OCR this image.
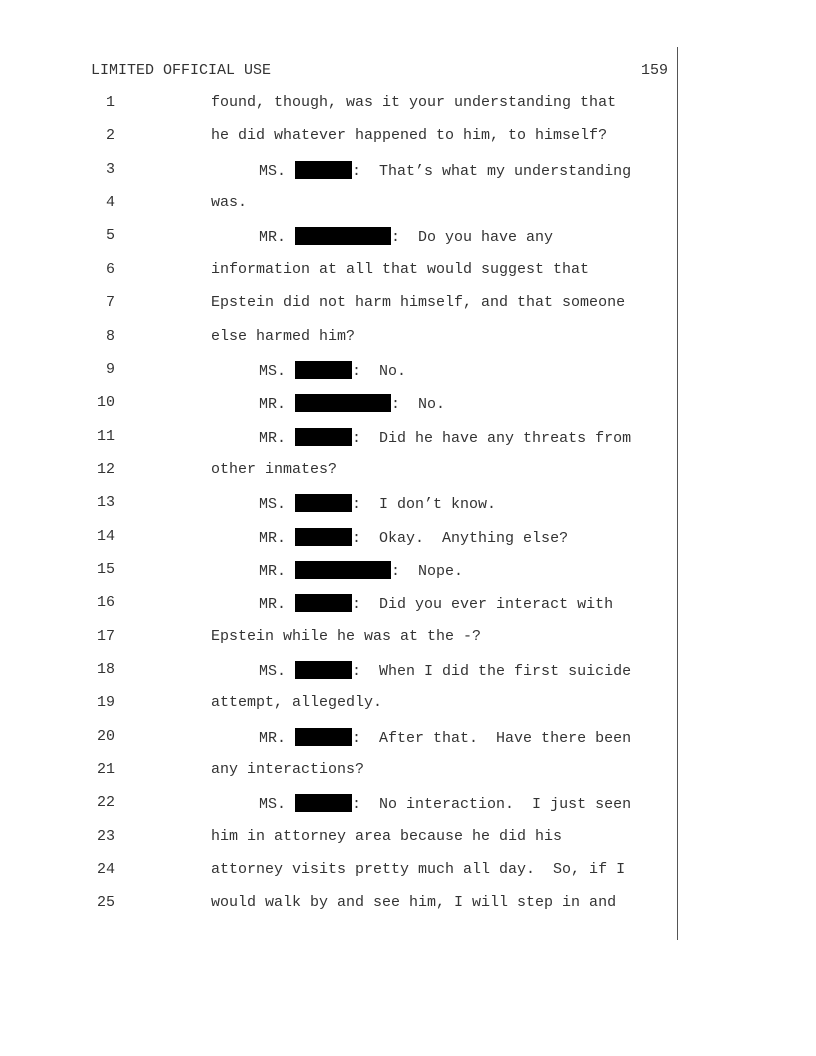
LIMITED OFFICIAL USE	159
1	found, though, was it your understanding that
2	he did whatever happened to him, to himself?
3	MS.	:  That’s what my understanding
4	was.
5	MR.	:  Do you have any
6	information at all that would suggest that
7	Epstein did not harm himself, and that someone
8	else harmed him?
9	MS.	:  No.
10	MR.	:  No.
11	MR.	:  Did he have any threats from
12	other inmates?
13	MS.	:  I don’t know.
14	MR.	:  Okay.  Anything else?
15	MR.	:  Nope.
16	MR.	:  Did you ever interact with
17	Epstein while he was at the -?
18	MS.	:  When I did the first suicide
19	attempt, allegedly.
20	MR.	:  After that.  Have there been
21	any interactions?
22	MS.	:  No interaction.  I just seen
23	him in attorney area because he did his
24	attorney visits pretty much all day.  So, if I
25	would walk by and see him, I will step in and
